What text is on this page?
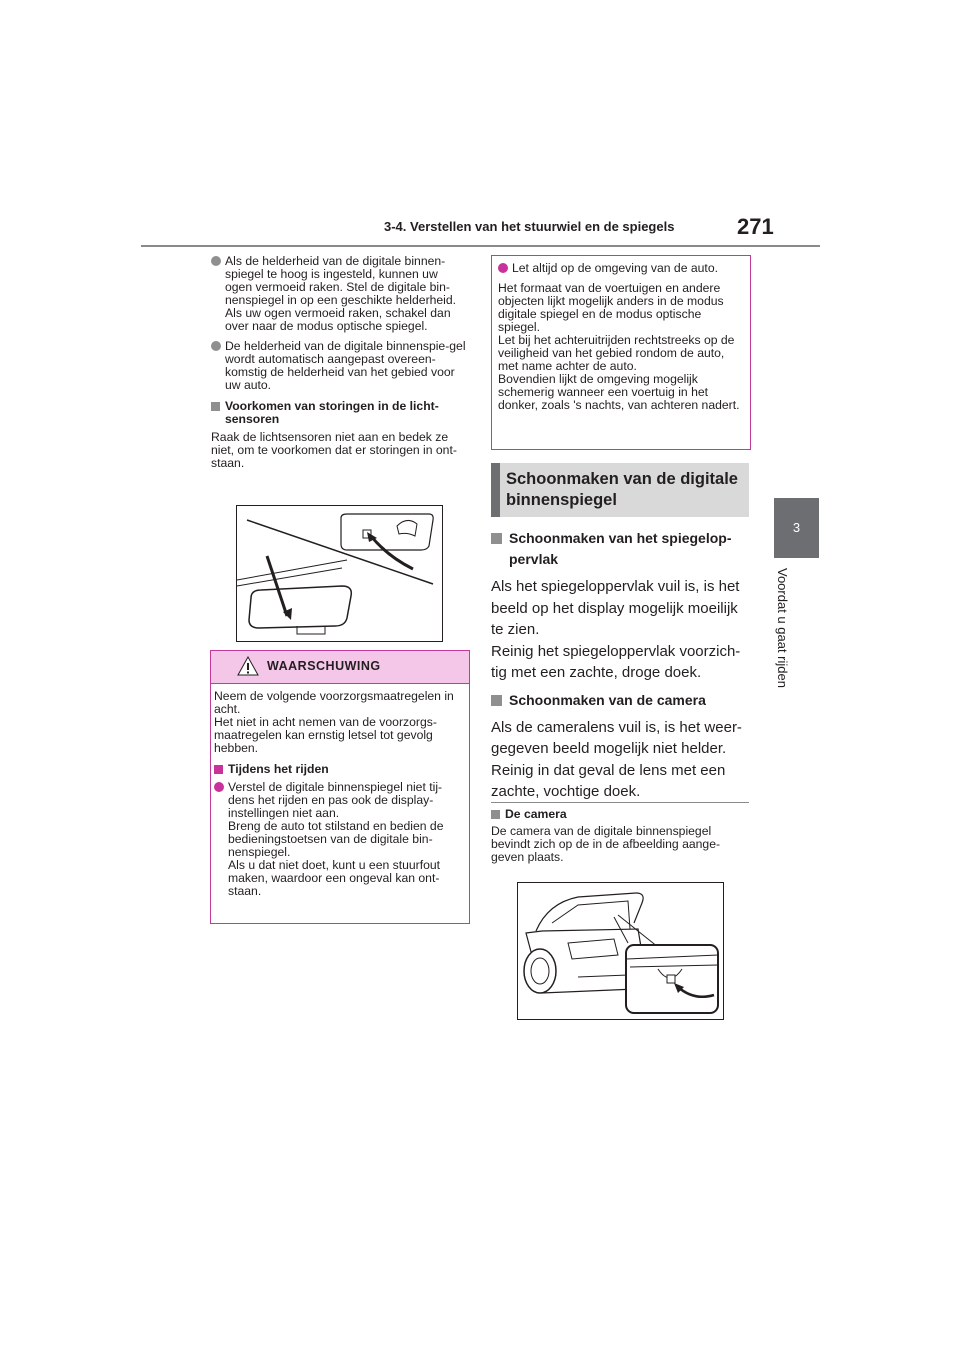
3-4. Verstellen van het stuurwiel en de spiegels	271
3
Voordat u gaat rijden

Als de helderheid van de digitale binnen-spiegel te hoog is ingesteld, kunnen uw ogen vermoeid raken. Stel de digitale bin-nenspiegel in op een geschikte helderheid. Als uw ogen vermoeid raken, schakel dan over naar de modus optische spiegel.

De helderheid van de digitale binnenspie-gel wordt automatisch aangepast overeen-komstig de helderheid van het gebied voor uw auto.

Voorkomen van storingen in de licht-sensoren

Raak de lichtsensoren niet aan en bedek ze niet, om te voorkomen dat er storingen in ont-staan.

WAARSCHUWING

Neem de volgende voorzorgsmaatregelen in acht.
Het niet in acht nemen van de voorzorgs-maatregelen kan ernstig letsel tot gevolg hebben.

Tijdens het rijden

Verstel de digitale binnenspiegel niet tij-dens het rijden en pas ook de display-instellingen niet aan.
Breng de auto tot stilstand en bedien de bedieningstoetsen van de digitale bin-nenspiegel.
Als u dat niet doet, kunt u een stuurfout maken, waardoor een ongeval kan ont-staan.

Let altijd op de omgeving van de auto.

Het formaat van de voertuigen en andere objecten lijkt mogelijk anders in de modus digitale spiegel en de modus optische spiegel.
Let bij het achteruitrijden rechtstreeks op de veiligheid van het gebied rondom de auto, met name achter de auto.
Bovendien lijkt de omgeving mogelijk schemerig wanneer een voertuig in het donker, zoals 's nachts, van achteren nadert.

Schoonmaken van de digitale binnenspiegel

Schoonmaken van het spiegelop-pervlak

Als het spiegeloppervlak vuil is, is het beeld op het display mogelijk moeilijk te zien.
Reinig het spiegeloppervlak voorzich-tig met een zachte, droge doek.

Schoonmaken van de camera

Als de cameralens vuil is, is het weer-gegeven beeld mogelijk niet helder.
Reinig in dat geval de lens met een zachte, vochtige doek.

De camera

De camera van de digitale binnenspiegel bevindt zich op de in de afbeelding aange-geven plaats.
